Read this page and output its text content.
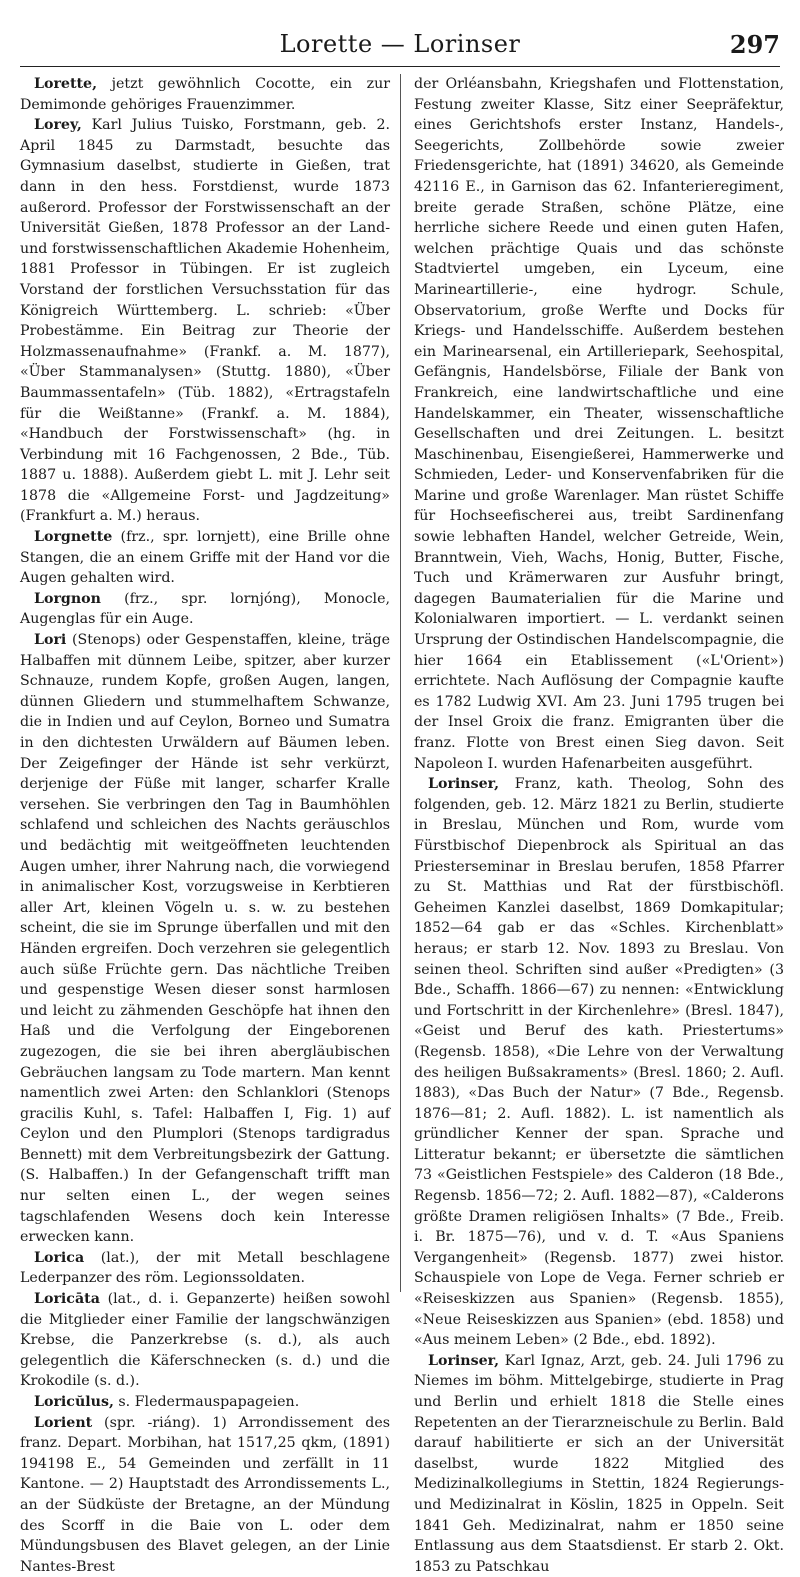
Lorette — Lorinser	297

Lorette, jetzt gewöhnlich Cocotte, ein zur Demimonde gehöriges Frauenzimmer.

Lorey, Karl Julius Tuisko, Forstmann, geb. 2. April 1845 zu Darmstadt, besuchte das Gymnasium daselbst, studierte in Gießen, trat dann in den hess. Forstdienst, wurde 1873 außerord. Professor der Forstwissenschaft an der Universität Gießen, 1878 Professor an der Land- und forstwissenschaftlichen Akademie Hohenheim, 1881 Professor in Tübingen. Er ist zugleich Vorstand der forstlichen Versuchsstation für das Königreich Württemberg. L. schrieb: «Über Probestämme. Ein Beitrag zur Theorie der Holzmassenaufnahme» (Frankf. a. M. 1877), «Über Stammanalysen» (Stuttg. 1880), «Über Baummassentafeln» (Tüb. 1882), «Ertragstafeln für die Weißtanne» (Frankf. a. M. 1884), «Handbuch der Forstwissenschaft» (hg. in Verbindung mit 16 Fachgenossen, 2 Bde., Tüb. 1887 u. 1888). Außerdem giebt L. mit J. Lehr seit 1878 die «Allgemeine Forst- und Jagdzeitung» (Frankfurt a. M.) heraus.

Lorgnette (frz., spr. lornjett), eine Brille ohne Stangen, die an einem Griffe mit der Hand vor die Augen gehalten wird.

Lorgnon (frz., spr. lornjóng), Monocle, Augenglas für ein Auge.

Lori (Stenops) oder Gespenstaffen, kleine, träge Halbaffen mit dünnem Leibe, spitzer, aber kurzer Schnauze, rundem Kopfe, großen Augen, langen, dünnen Gliedern und stummelhaftem Schwanze, die in Indien und auf Ceylon, Borneo und Sumatra in den dichtesten Urwäldern auf Bäumen leben. Der Zeigefinger der Hände ist sehr verkürzt, derjenige der Füße mit langer, scharfer Kralle versehen. Sie verbringen den Tag in Baumhöhlen schlafend und schleichen des Nachts geräuschlos und bedächtig mit weitgeöffneten leuchtenden Augen umher, ihrer Nahrung nach, die vorwiegend in animalischer Kost, vorzugsweise in Kerbtieren aller Art, kleinen Vögeln u. s. w. zu bestehen scheint, die sie im Sprunge überfallen und mit den Händen ergreifen. Doch verzehren sie gelegentlich auch süße Früchte gern. Das nächtliche Treiben und gespenstige Wesen dieser sonst harmlosen und leicht zu zähmenden Geschöpfe hat ihnen den Haß und die Verfolgung der Eingeborenen zugezogen, die sie bei ihren abergläubischen Gebräuchen langsam zu Tode martern. Man kennt namentlich zwei Arten: den Schlanklori (Stenops gracilis Kuhl, s. Tafel: Halbaffen I, Fig. 1) auf Ceylon und den Plumplori (Stenops tardigradus Bennett) mit dem Verbreitungsbezirk der Gattung. (S. Halbaffen.) In der Gefangenschaft trifft man nur selten einen L., der wegen seines tagschlafenden Wesens doch kein Interesse erwecken kann.

Lorica (lat.), der mit Metall beschlagene Lederpanzer des röm. Legionssoldaten.

Loricāta (lat., d. i. Gepanzerte) heißen sowohl die Mitglieder einer Familie der langschwänzigen Krebse, die Panzerkrebse (s. d.), als auch gelegentlich die Käferschnecken (s. d.) und die Krokodile (s. d.).

Loricŭlus, s. Fledermauspapageien.

Lorient (spr. -riáng). 1) Arrondissement des franz. Depart. Morbihan, hat 1517,25 qkm, (1891) 194198 E., 54 Gemeinden und zerfällt in 11 Kantone. — 2) Hauptstadt des Arrondissements L., an der Südküste der Bretagne, an der Mündung des Scorff in die Baie von L. oder dem Mündungsbusen des Blavet gelegen, an der Linie Nantes-Brest

der Orléansbahn, Kriegshafen und Flottenstation, Festung zweiter Klasse, Sitz einer Seepräfektur, eines Gerichtshofs erster Instanz, Handels-, Seegerichts, Zollbehörde sowie zweier Friedensgerichte, hat (1891) 34620, als Gemeinde 42116 E., in Garnison das 62. Infanterieregiment, breite gerade Straßen, schöne Plätze, eine herrliche sichere Reede und einen guten Hafen, welchen prächtige Quais und das schönste Stadtviertel umgeben, ein Lyceum, eine Marineartillerie-, eine hydrogr. Schule, Observatorium, große Werfte und Docks für Kriegs- und Handelsschiffe. Außerdem bestehen ein Marinearsenal, ein Artilleriepark, Seehospital, Gefängnis, Handelsbörse, Filiale der Bank von Frankreich, eine landwirtschaftliche und eine Handelskammer, ein Theater, wissenschaftliche Gesellschaften und drei Zeitungen. L. besitzt Maschinenbau, Eisengießerei, Hammerwerke und Schmieden, Leder- und Konservenfabriken für die Marine und große Warenlager. Man rüstet Schiffe für Hochseefischerei aus, treibt Sardinenfang sowie lebhaften Handel, welcher Getreide, Wein, Branntwein, Vieh, Wachs, Honig, Butter, Fische, Tuch und Krämerwaren zur Ausfuhr bringt, dagegen Baumaterialien für die Marine und Kolonialwaren importiert. — L. verdankt seinen Ursprung der Ostindischen Handelscompagnie, die hier 1664 ein Etablissement («L'Orient») errichtete. Nach Auflösung der Compagnie kaufte es 1782 Ludwig XVI. Am 23. Juni 1795 trugen bei der Insel Groix die franz. Emigranten über die franz. Flotte von Brest einen Sieg davon. Seit Napoleon I. wurden Hafenarbeiten ausgeführt.

Lorinser, Franz, kath. Theolog, Sohn des folgenden, geb. 12. März 1821 zu Berlin, studierte in Breslau, München und Rom, wurde vom Fürstbischof Diepenbrock als Spiritual an das Priesterseminar in Breslau berufen, 1858 Pfarrer zu St. Matthias und Rat der fürstbischöfl. Geheimen Kanzlei daselbst, 1869 Domkapitular; 1852—64 gab er das «Schles. Kirchenblatt» heraus; er starb 12. Nov. 1893 zu Breslau. Von seinen theol. Schriften sind außer «Predigten» (3 Bde., Schaffh. 1866—67) zu nennen: «Entwicklung und Fortschritt in der Kirchenlehre» (Bresl. 1847), «Geist und Beruf des kath. Priestertums» (Regensb. 1858), «Die Lehre von der Verwaltung des heiligen Bußsakraments» (Bresl. 1860; 2. Aufl. 1883), «Das Buch der Natur» (7 Bde., Regensb. 1876—81; 2. Aufl. 1882). L. ist namentlich als gründlicher Kenner der span. Sprache und Litteratur bekannt; er übersetzte die sämtlichen 73 «Geistlichen Festspiele» des Calderon (18 Bde., Regensb. 1856—72; 2. Aufl. 1882—87), «Calderons größte Dramen religiösen Inhalts» (7 Bde., Freib. i. Br. 1875—76), und v. d. T. «Aus Spaniens Vergangenheit» (Regensb. 1877) zwei histor. Schauspiele von Lope de Vega. Ferner schrieb er «Reiseskizzen aus Spanien» (Regensb. 1855), «Neue Reiseskizzen aus Spanien» (ebd. 1858) und «Aus meinem Leben» (2 Bde., ebd. 1892).

Lorinser, Karl Ignaz, Arzt, geb. 24. Juli 1796 zu Niemes im böhm. Mittelgebirge, studierte in Prag und Berlin und erhielt 1818 die Stelle eines Repetenten an der Tierarzneischule zu Berlin. Bald darauf habilitierte er sich an der Universität daselbst, wurde 1822 Mitglied des Medizinalkollegiums in Stettin, 1824 Regierungs- und Medizinalrat in Köslin, 1825 in Oppeln. Seit 1841 Geh. Medizinalrat, nahm er 1850 seine Entlassung aus dem Staatsdienst. Er starb 2. Okt. 1853 zu Patschkau
